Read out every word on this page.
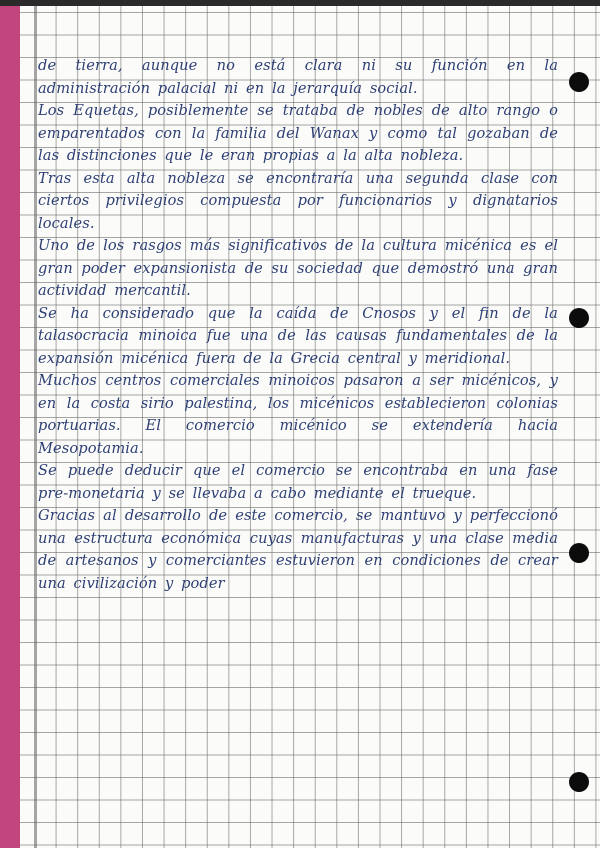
de tierra, aunque no está clara ni su función en la administración palacial ni en la jerarquía social.

Los Equetas, posiblemente se trataba de nobles de alto rango o emparentados con la familia del Wanax y como tal gozaban de las distinciones que le eran propias a la alta nobleza.

Tras esta alta nobleza se encontraría una segunda clase con ciertos privilegios compuesta por funcionarios y dignatarios locales.

Uno de los rasgos más significativos de la cultura micénica es el gran poder expansionista de su sociedad que demostró una gran actividad mercantil.

Se ha considerado que la caída de Cnosos y el fin de la talasocracia minoica fue una de las causas fundamentales de la expansión micénica fuera de la Grecia central y meridional.

Muchos centros comerciales minoicos pasaron a ser micénicos, y en la costa sirio palestina, los micénicos establecieron colonias portuarias. El comercio micénico se extendería hacia Mesopotamia.

Se puede deducir que el comercio se encontraba en una fase pre-monetaria y se llevaba a cabo mediante el trueque.

Gracias al desarrollo de este comercio, se mantuvo y perfeccionó una estructura económica cuyas manufacturas y una clase media de artesanos y comerciantes estuvieron en condiciones de crear una civilización y poder
